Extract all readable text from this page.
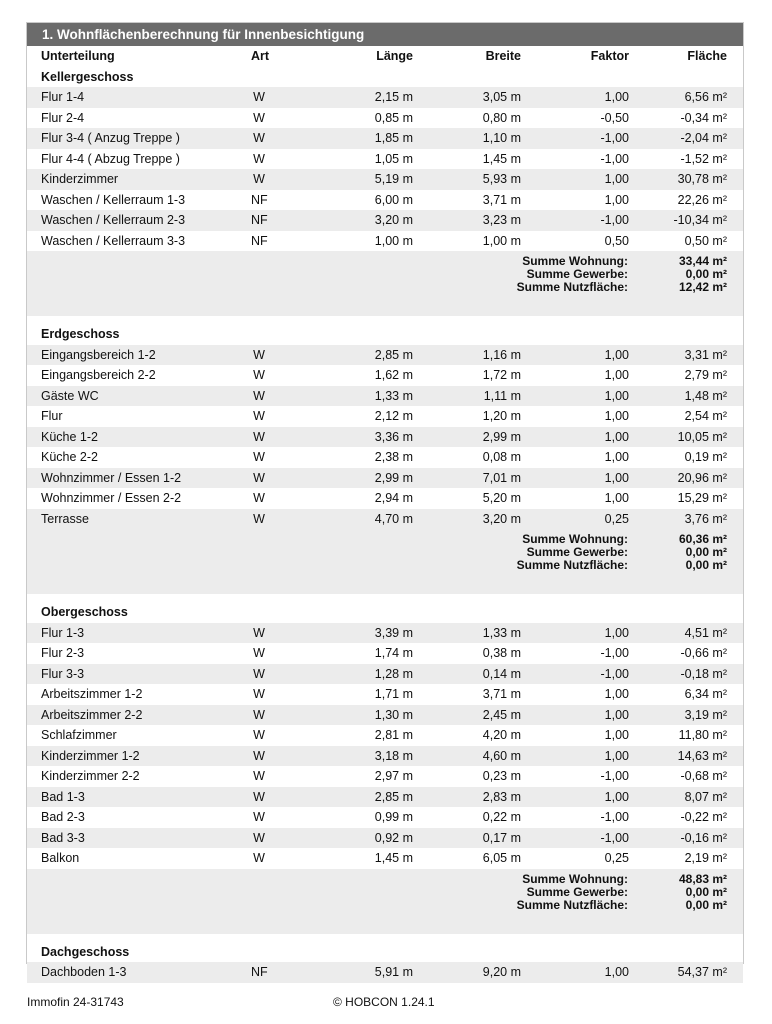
1. Wohnflächenberechnung für Innenbesichtigung
Unterteilung	Art	Länge	Breite	Faktor	Fläche
Kellergeschoss
Flur 1-4	W	2,15 m	3,05 m	1,00	6,56 m²
Flur 2-4	W	0,85 m	0,80 m	-0,50	-0,34 m²
Flur 3-4 ( Anzug Treppe )	W	1,85 m	1,10 m	-1,00	-2,04 m²
Flur 4-4 ( Abzug Treppe )	W	1,05 m	1,45 m	-1,00	-1,52 m²
Kinderzimmer	W	5,19 m	5,93 m	1,00	30,78 m²
Waschen / Kellerraum 1-3	NF	6,00 m	3,71 m	1,00	22,26 m²
Waschen / Kellerraum 2-3	NF	3,20 m	3,23 m	-1,00	-10,34 m²
Waschen / Kellerraum 3-3	NF	1,00 m	1,00 m	0,50	0,50 m²
Summe Wohnung:	33,44 m²
Summe Gewerbe:	0,00 m²
Summe Nutzfläche:	12,42 m²
Erdgeschoss
Eingangsbereich 1-2	W	2,85 m	1,16 m	1,00	3,31 m²
Eingangsbereich 2-2	W	1,62 m	1,72 m	1,00	2,79 m²
Gäste WC	W	1,33 m	1,11 m	1,00	1,48 m²
Flur	W	2,12 m	1,20 m	1,00	2,54 m²
Küche 1-2	W	3,36 m	2,99 m	1,00	10,05 m²
Küche 2-2	W	2,38 m	0,08 m	1,00	0,19 m²
Wohnzimmer / Essen 1-2	W	2,99 m	7,01 m	1,00	20,96 m²
Wohnzimmer / Essen 2-2	W	2,94 m	5,20 m	1,00	15,29 m²
Terrasse	W	4,70 m	3,20 m	0,25	3,76 m²
Summe Wohnung:	60,36 m²
Summe Gewerbe:	0,00 m²
Summe Nutzfläche:	0,00 m²
Obergeschoss
Flur 1-3	W	3,39 m	1,33 m	1,00	4,51 m²
Flur 2-3	W	1,74 m	0,38 m	-1,00	-0,66 m²
Flur 3-3	W	1,28 m	0,14 m	-1,00	-0,18 m²
Arbeitszimmer 1-2	W	1,71 m	3,71 m	1,00	6,34 m²
Arbeitszimmer 2-2	W	1,30 m	2,45 m	1,00	3,19 m²
Schlafzimmer	W	2,81 m	4,20 m	1,00	11,80 m²
Kinderzimmer 1-2	W	3,18 m	4,60 m	1,00	14,63 m²
Kinderzimmer 2-2	W	2,97 m	0,23 m	-1,00	-0,68 m²
Bad 1-3	W	2,85 m	2,83 m	1,00	8,07 m²
Bad 2-3	W	0,99 m	0,22 m	-1,00	-0,22 m²
Bad 3-3	W	0,92 m	0,17 m	-1,00	-0,16 m²
Balkon	W	1,45 m	6,05 m	0,25	2,19 m²
Summe Wohnung:	48,83 m²
Summe Gewerbe:	0,00 m²
Summe Nutzfläche:	0,00 m²
Dachgeschoss
Dachboden 1-3	NF	5,91 m	9,20 m	1,00	54,37 m²
Immofin 24-31743	© HOBCON 1.24.1
